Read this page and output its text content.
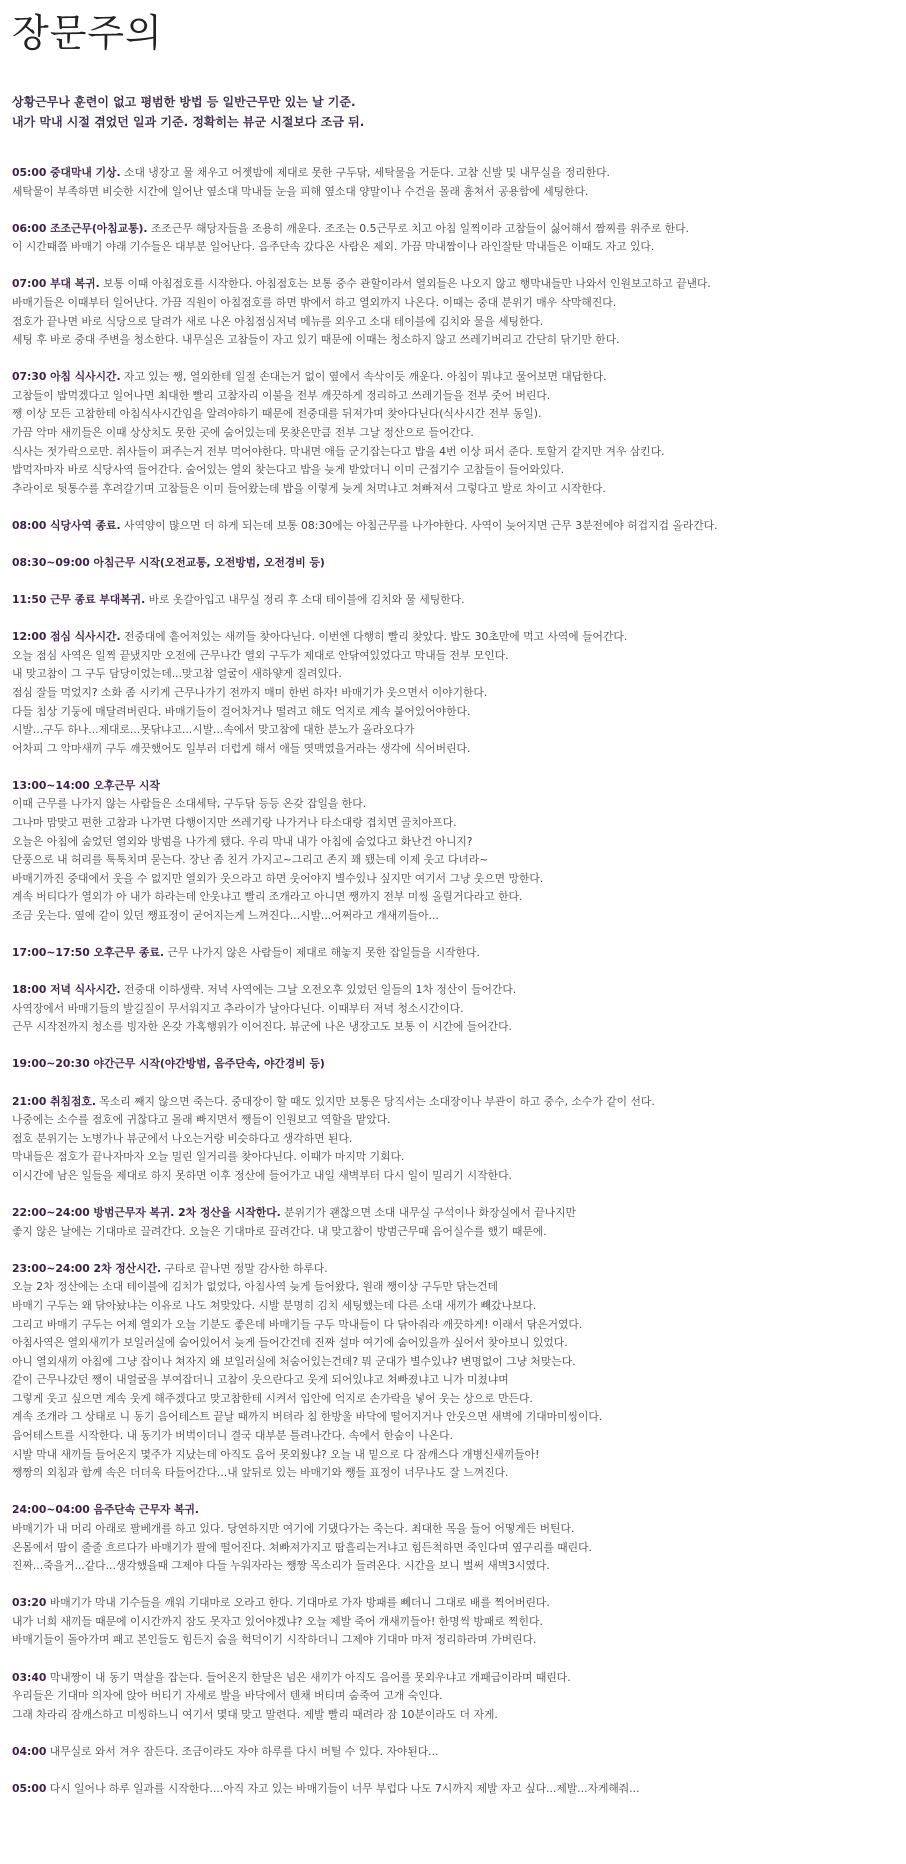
장문주의
상황근무나 훈련이 없고 평범한 방법 등 일반근무만 있는 날 기준.
내가 막내 시절 겪었던 일과 기준. 정확히는 뷰군 시절보다 조금 뒤.
05:00 중대막내 기상. 소대 냉장고 물 채우고 어젯밤에 제대로 못한 구두닦, 세탁물을 거둔다. 고참 신발 및 내무실을 정리한다.
세탁물이 부족하면 비슷한 시간에 일어난 옆소대 막내들 눈을 피해 옆소대 양말이나 수건을 몰래 훔쳐서 공용함에 세팅한다.
06:00 조조근무(아침교통). 조조근무 해당자들을 조용히 깨운다. 조조는 0.5근무로 치고 아침 일찍이라 고참들이 싫어해서 짬찌를 위주로 한다.
이 시간때쯤 바매기 야래 기수들은 대부분 일어난다. 음주단속 갔다온 사람은 제외. 가끔 막내짬이나 라인잘탄 막내들은 이때도 자고 있다.
07:00 부대 복귀. 보통 이때 아침점호를 시작한다. 아침점호는 보통 중수 관할이라서 열외들은 나오지 않고 행막내들만 나와서 인원보고하고 끝낸다.
바매기들은 이때부터 일어난다. 가끔 직원이 아침점호를 하면 밖에서 하고 열외까지 나온다. 이때는 중대 분위기 매우 삭막해진다.
점호가 끝나면 바로 식당으로 달려가 새로 나온 아침점심저녁 메뉴를 외우고 소대 테이블에 김치와 물을 세팅한다.
세팅 후 바로 중대 주변을 청소한다. 내무실은 고참들이 자고 있기 때문에 이때는 청소하지 않고 쓰레기버리고 간단히 닦기만 한다.
07:30 아침 식사시간. 자고 있는 쨍, 열외한테 일절 손대는거 없이 옆에서 속삭이듯 깨운다. 아침이 뭐냐고 물어보면 대답한다.
고참들이 밥먹겠다고 일어나면 최대한 빨리 고참자리 이불을 전부 깨끗하게 정리하고 쓰레기들을 전부 줏어 버린다.
쨍 이상 모든 고참한테 아침식사시간임을 알려야하기 때문에 전중대를 뒤져가며 찾아다닌다(식사시간 전부 동일).
가끔 악마 새끼들은 이때 상상치도 못한 곳에 숨어있는데 못찾은만큼 전부 그날 정산으로 들어간다.
식사는 젓가락으로만. 취사들이 퍼주는거 전부 먹어야한다. 막내면 애들 군기잡는다고 밥을 4번 이상 퍼서 준다. 토할거 같지만 겨우 삼킨다.
밥먹자마자 바로 식당사역 들어간다. 숨어있는 열외 찾는다고 밥을 늦게 받았더니 이미 근접기수 고참들이 들어와있다.
추라이로 뒷통수를 후려갈기며 고참들은 이미 들어왔는데 밥을 이렇게 늦게 처먹냐고 쳐빠져서 그렇다고 발로 차이고 시작한다.
08:00 식당사역 종료. 사역양이 많으면 더 하게 되는데 보통 08:30에는 아침근무를 나가야한다. 사역이 늦어지면 근무 3분전에야 허겁지겁 올라간다.
08:30~09:00 아침근무 시작(오전교통, 오전방범, 오전경비 등)
11:50 근무 종료 부대복귀. 바로 옷갈아입고 내무실 정리 후 소대 테이블에 김치와 물 세팅한다.
12:00 점심 식사시간. 전중대에 흩어져있는 새끼들 찾아다닌다. 이번엔 다행히 빨리 찾았다. 밥도 30초만에 먹고 사역에 들어간다.
오늘 점심 사역은 일찍 끝냈지만 오전에 근무나간 열외 구두가 제대로 안닦여있었다고 막내들 전부 모인다.
내 맞고참이 그 구두 담당이었는데...맞고참 얼굴이 새하얗게 질려있다.
점심 잘들 먹었지? 소화 좀 시키게 근무나가기 전까지 매미 한번 하자! 바매기가 웃으면서 이야기한다.
다들 침상 기둥에 매달려버린다. 바매기들이 걸어차거나 떨려고 해도 억지로 계속 붙어있어야한다.
시발...구두 하나...제대로...못닦냐고...시발...속에서 맞고참에 대한 분노가 올라오다가
어차피 그 악마새끼 구두 깨끗했어도 일부러 더럽게 해서 애들 엿맥였을거라는 생각에 식어버린다.
13:00~14:00 오후근무 시작
이때 근무를 나가지 않는 사람들은 소대세탁, 구두닦 등등 온갖 잡일을 한다.
그나마 맘맞고 편한 고참과 나가면 다행이지만 쓰레기랑 나가거나 타소대랑 겹치면 골치아프다.
오늘은 아침에 숨었던 열외와 방범을 나가게 됐다. 우리 막내 내가 아침에 숨었다고 화난건 아니지?
단풍으로 내 허리를 툭툭치며 묻는다. 장난 좀 친거 가지고~그리고 존지 꽤 됐는데 이제 웃고 다녀라~
바매기까진 중대에서 웃을 수 없지만 열외가 웃으라고 하면 웃어야지 별수있나 싶지만 여기서 그냥 웃으면 망한다.
계속 버티다가 열외가 아 내가 하라는데 안웃냐고 빨리 조개라고 아니면 쨍까지 전부 미씽 올릴거다라고 한다.
조금 웃는다. 옆에 같이 있던 쨍표정이 굳어지는게 느껴진다...시발...어쩌라고 개새끼들아...
17:00~17:50 오후근무 종료. 근무 나가지 않은 사람들이 제대로 해놓지 못한 잡일들을 시작한다.
18:00 저녁 식사시간. 전중대 이하생략. 저녁 사역에는 그날 오전오후 있었던 일들의 1차 정산이 들어간다.
사역장에서 바매기들의 발길질이 무서워지고 추라이가 날아다닌다. 이때부터 저녁 청소시간이다.
근무 시작전까지 청소를 빙자한 온갖 가혹행위가 이어진다. 뷰군에 나온 냉장고도 보통 이 시간에 들어간다.
19:00~20:30 야간근무 시작(야간방범, 음주단속, 야간경비 등)
21:00 취침점호. 목소리 째지 않으면 죽는다. 중대장이 할 때도 있지만 보통은 당직서는 소대장이나 부관이 하고 중수, 소수가 같이 선다.
나중에는 소수를 점호에 귀찮다고 몰래 빠지면서 쨍들이 인원보고 역할을 맡았다.
점호 분위기는 노병가나 뷰군에서 나오는거랑 비슷하다고 생각하면 된다.
막내들은 점호가 끝나자마자 오늘 밀린 일거리를 찾아다닌다. 이때가 마지막 기회다.
이시간에 남은 일들을 제대로 하지 못하면 이후 정산에 들어가고 내일 새벽부터 다시 일이 밀리기 시작한다.
22:00~24:00 방범근무자 복귀. 2차 정산을 시작한다. 분위기가 괜찮으면 소대 내무실 구석이나 화장실에서 끝나지만
좋지 않은 날에는 기대마로 끌려간다. 오늘은 기대마로 끌려간다. 내 맞고참이 방범근무때 음어실수를 했기 때문에.
23:00~24:00 2차 정산시간. 구타로 끝나면 정말 감사한 하루다.
오늘 2차 정산에는 소대 테이블에 김치가 없었다, 아침사역 늦게 들어왔다, 원래 쨍이상 구두만 닦는건데
바매기 구두는 왜 닦아놨냐는 이유로 나도 쳐맞았다. 시발 분명히 김치 세팅했는데 다른 소대 새끼가 빼갔나보다.
그리고 바매기 구두는 어제 열외가 오늘 기분도 좋은데 바매기들 구두 막내들이 다 닦아줘라 깨끗하게! 이래서 닦은거였다.
아침사역은 열외새끼가 보일러실에 숨어있어서 늦게 들어간건데 진짜 설마 여기에 숨어있을까 싶어서 찾아보니 있었다.
아니 열외새끼 아침에 그냥 잡이나 쳐자지 왜 보일러실에 처숨어있는건데? 뭐 군대가 별수있냐? 변명없이 그냥 처맞는다.
같이 근무나갔던 쨍이 내얼굴을 부여잡더니 고참이 웃으란다고 웃게 되어있냐고 쳐빠졌냐고 니가 미쳤냐며
그렇게 웃고 싶으면 계속 웃게 해주겠다고 맞고참한테 시켜서 입안에 억지로 손가락을 넣어 웃는 상으로 만든다.
계속 조개라 그 상태로 니 동기 음어테스트 끝날 때까지 버텨라 침 한방울 바닥에 떨어지거나 안웃으면 새벽에 기대마미씽이다.
음어테스트를 시작한다. 내 동기가 버벅이더니 결국 대부분 틀려나간다. 속에서 한숨이 나온다.
시발 막내 새끼들 들어온지 몇주가 지났는데 아직도 음어 못외웠냐? 오늘 내 밑으로 다 잠깨스다 개병신새끼들아!
쨍짱의 외침과 함께 속은 더더욱 타들어간다...내 앞뒤로 있는 바매기와 쨍들 표정이 너무나도 잘 느껴진다.
24:00~04:00 음주단속 근무자 복귀.
바매기가 내 머리 아래로 팔베개를 하고 있다. 당연하지만 여기에 기댔다가는 죽는다. 최대한 목을 들어 어떻게든 버틴다.
온몸에서 땀이 줄줄 흐르다가 바매기가 팔에 떨어진다. 쳐빠져가지고 땀흘리는거냐고 힘든척하면 죽인다며 옆구리를 때린다.
진짜...죽을거...같다...생각했을때 그제야 다들 누워자라는 쨍짱 목소리가 들려온다. 시간을 보니 벌써 새벽3시였다.
03:20 바매기가 막내 기수들을 깨워 기대마로 오라고 한다. 기대마로 가자 방패를 뻬더니 그대로 배를 찍어버린다.
내가 너희 새끼들 때문에 이시간까지 잠도 못자고 있어야겠냐? 오늘 제발 죽어 개새끼들아! 한명씩 방패로 찍힌다.
바매기들이 돌아가며 패고 본인들도 힘든지 숨을 헉덕이기 시작하더니 그제야 기대마 마저 정리하라며 가버린다.
03:40 막내짱이 내 동기 멱살을 잡는다. 들어온지 한달은 넘은 새끼가 아직도 음어를 못외우냐고 개패급이라며 때린다.
우리들은 기대마 의자에 앉아 버티기 자세로 발을 바닥에서 텐채 버티며 숨죽여 고개 숙인다.
그래 차라리 잠깨스하고 미씽하느니 여기서 몇대 맞고 말련다. 제발 빨리 때려라 잠 10분이라도 더 자게.
04:00 내무실로 와서 겨우 잠든다. 조금이라도 자야 하루를 다시 버틸 수 있다. 자야된다...
05:00 다시 일어나 하루 일과를 시작한다....아직 자고 있는 바매기들이 너무 부럽다 나도 7시까지 제발 자고 싶다...제발...자게해줘...
